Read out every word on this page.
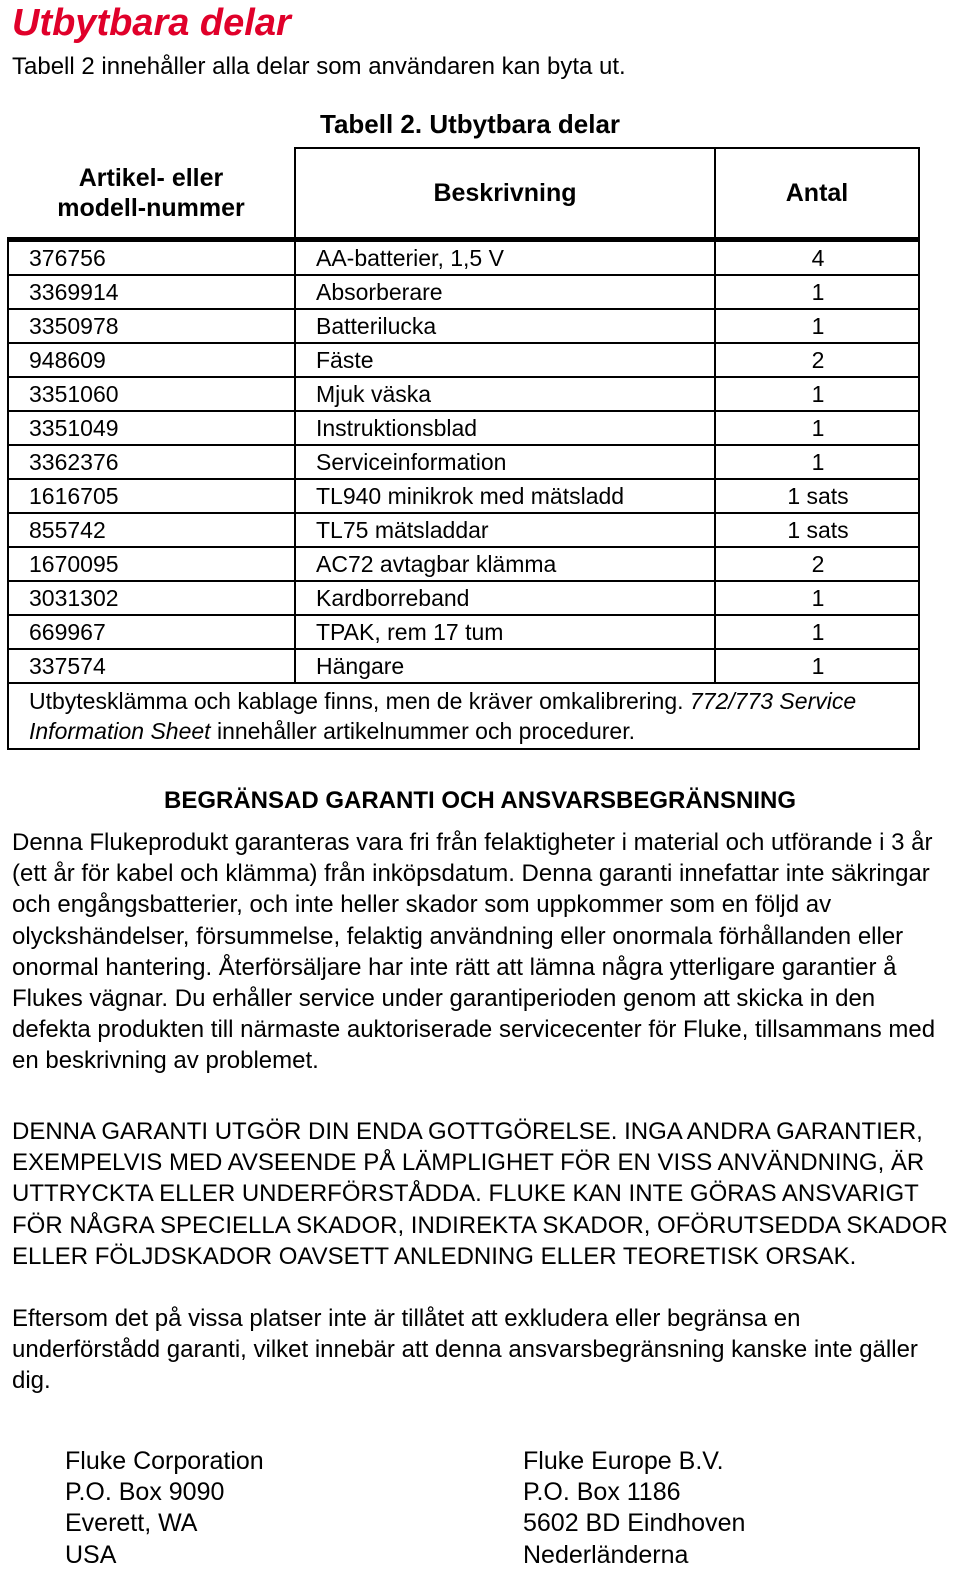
Utbytbara delar

Tabell 2 innehåller alla delar som användaren kan byta ut.

Tabell 2. Utbytbara delar
Artikel- eller modell-nummer	Beskrivning	Antal
376756	AA-batterier, 1,5 V	4
3369914	Absorberare	1
3350978	Batterilucka	1
948609	Fäste	2
3351060	Mjuk väska	1
3351049	Instruktionsblad	1
3362376	Serviceinformation	1
1616705	TL940 minikrok med mätsladd	1 sats
855742	TL75 mätsladdar	1 sats
1670095	AC72 avtagbar klämma	2
3031302	Kardborreband	1
669967	TPAK, rem 17 tum	1
337574	Hängare	1
Utbytesklämma och kablage finns, men de kräver omkalibrering. 772/773 Service Information Sheet innehåller artikelnummer och procedurer.		
BEGRÄNSAD GARANTI OCH ANSVARSBEGRÄNSNING

Denna Flukeprodukt garanteras vara fri från felaktigheter i material och utförande i 3 år (ett år för kabel och klämma) från inköpsdatum. Denna garanti innefattar inte säkringar och engångsbatterier, och inte heller skador som uppkommer som en följd av olyckshändelser, försummelse, felaktig användning eller onormala förhållanden eller onormal hantering. Återförsäljare har inte rätt att lämna några ytterligare garantier å Flukes vägnar. Du erhåller service under garantiperioden genom att skicka in den defekta produkten till närmaste auktoriserade servicecenter för Fluke, tillsammans med en beskrivning av problemet.

DENNA GARANTI UTGÖR DIN ENDA GOTTGÖRELSE. INGA ANDRA GARANTIER, EXEMPELVIS MED AVSEENDE PÅ LÄMPLIGHET FÖR EN VISS ANVÄNDNING, ÄR UTTRYCKTA ELLER UNDERFÖRSTÅDDA. FLUKE KAN INTE GÖRAS ANSVARIGT FÖR NÅGRA SPECIELLA SKADOR, INDIREKTA SKADOR, OFÖRUTSEDDA SKADOR ELLER FÖLJDSKADOR OAVSETT ANLEDNING ELLER TEORETISK ORSAK.

Eftersom det på vissa platser inte är tillåtet att exkludera eller begränsa en underförstådd garanti, vilket innebär att denna ansvarsbegränsning kanske inte gäller dig.

Fluke Corporation
P.O. Box 9090
Everett, WA
USA
Fluke Europe B.V.
P.O. Box 1186
5602 BD Eindhoven
Nederländerna
